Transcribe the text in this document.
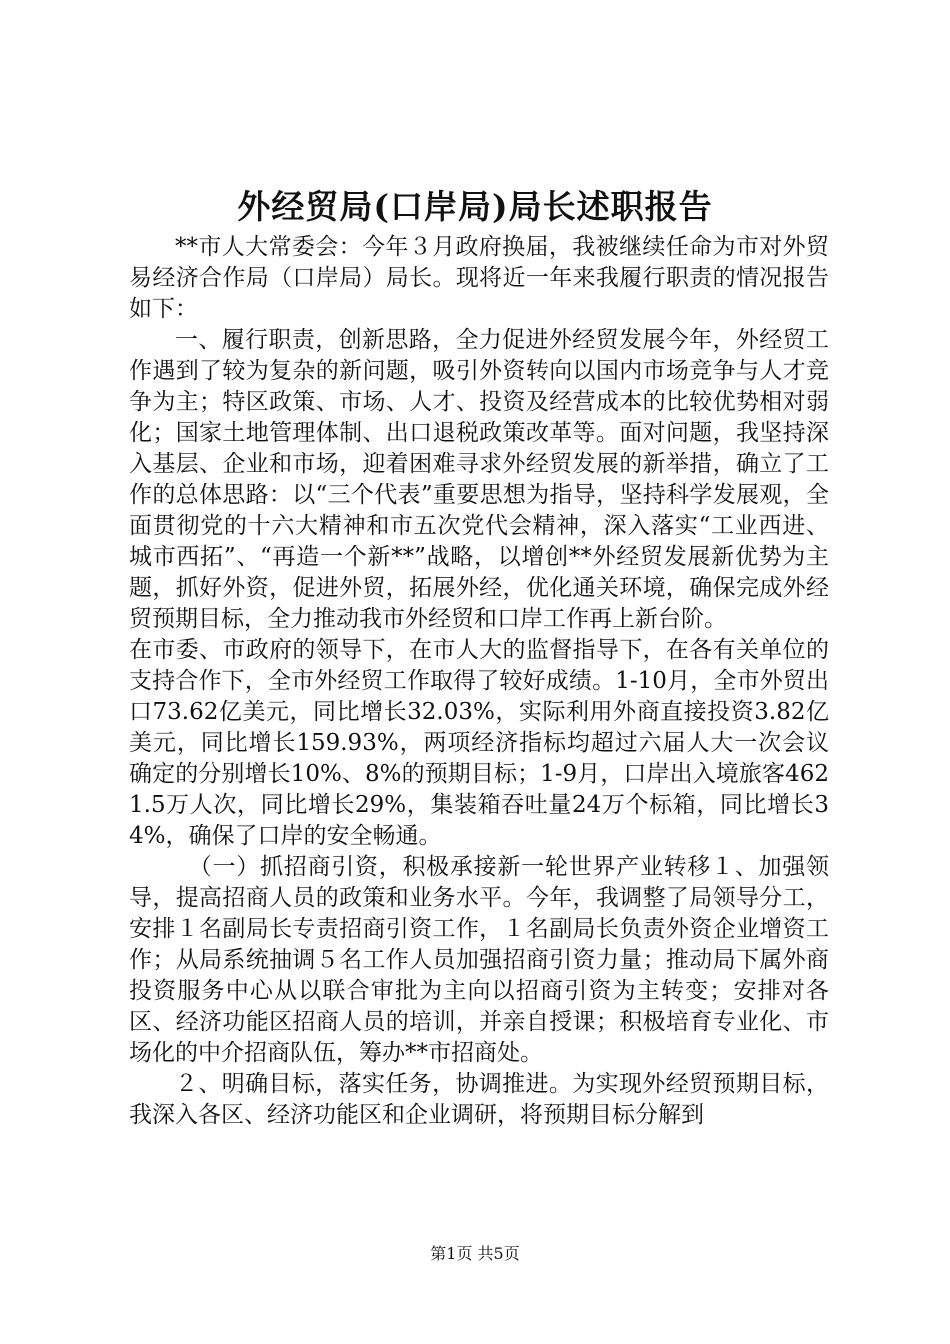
外经贸局(口岸局)局长述职报告

**市人大常委会：今年３月政府换届，我被继续任命为市对外贸易经济合作局（口岸局）局长。现将近一年来我履行职责的情况报告如下：

一、履行职责，创新思路，全力促进外经贸发展今年，外经贸工作遇到了较为复杂的新问题，吸引外资转向以国内市场竞争与人才竞争为主；特区政策、市场、人才、投资及经营成本的比较优势相对弱化；国家土地管理体制、出口退税政策改革等。面对问题，我坚持深入基层、企业和市场，迎着困难寻求外经贸发展的新举措，确立了工作的总体思路：以“三个代表”重要思想为指导，坚持科学发展观，全面贯彻党的十六大精神和市五次党代会精神，深入落实“工业西进、城市西拓”、“再造一个新**”战略，以增创**外经贸发展新优势为主题，抓好外资，促进外贸，拓展外经，优化通关环境，确保完成外经贸预期目标，全力推动我市外经贸和口岸工作再上新台阶。

在市委、市政府的领导下，在市人大的监督指导下，在各有关单位的支持合作下，全市外经贸工作取得了较好成绩。1-10月，全市外贸出口73.62亿美元，同比增长32.03%，实际利用外商直接投资3.82亿美元，同比增长159.93%，两项经济指标均超过六届人大一次会议确定的分别增长10%、8%的预期目标；1-9月，口岸出入境旅客4621.5万人次，同比增长29%，集装箱吞吐量24万个标箱，同比增长34%，确保了口岸的安全畅通。

（一）抓招商引资，积极承接新一轮世界产业转移１、加强领导，提高招商人员的政策和业务水平。今年，我调整了局领导分工，安排１名副局长专责招商引资工作，１名副局长负责外资企业增资工作；从局系统抽调５名工作人员加强招商引资力量；推动局下属外商投资服务中心从以联合审批为主向以招商引资为主转变；安排对各区、经济功能区招商人员的培训，并亲自授课；积极培育专业化、市场化的中介招商队伍，筹办**市招商处。

２、明确目标，落实任务，协调推进。为实现外经贸预期目标，我深入各区、经济功能区和企业调研，将预期目标分解到

第1页 共5页
